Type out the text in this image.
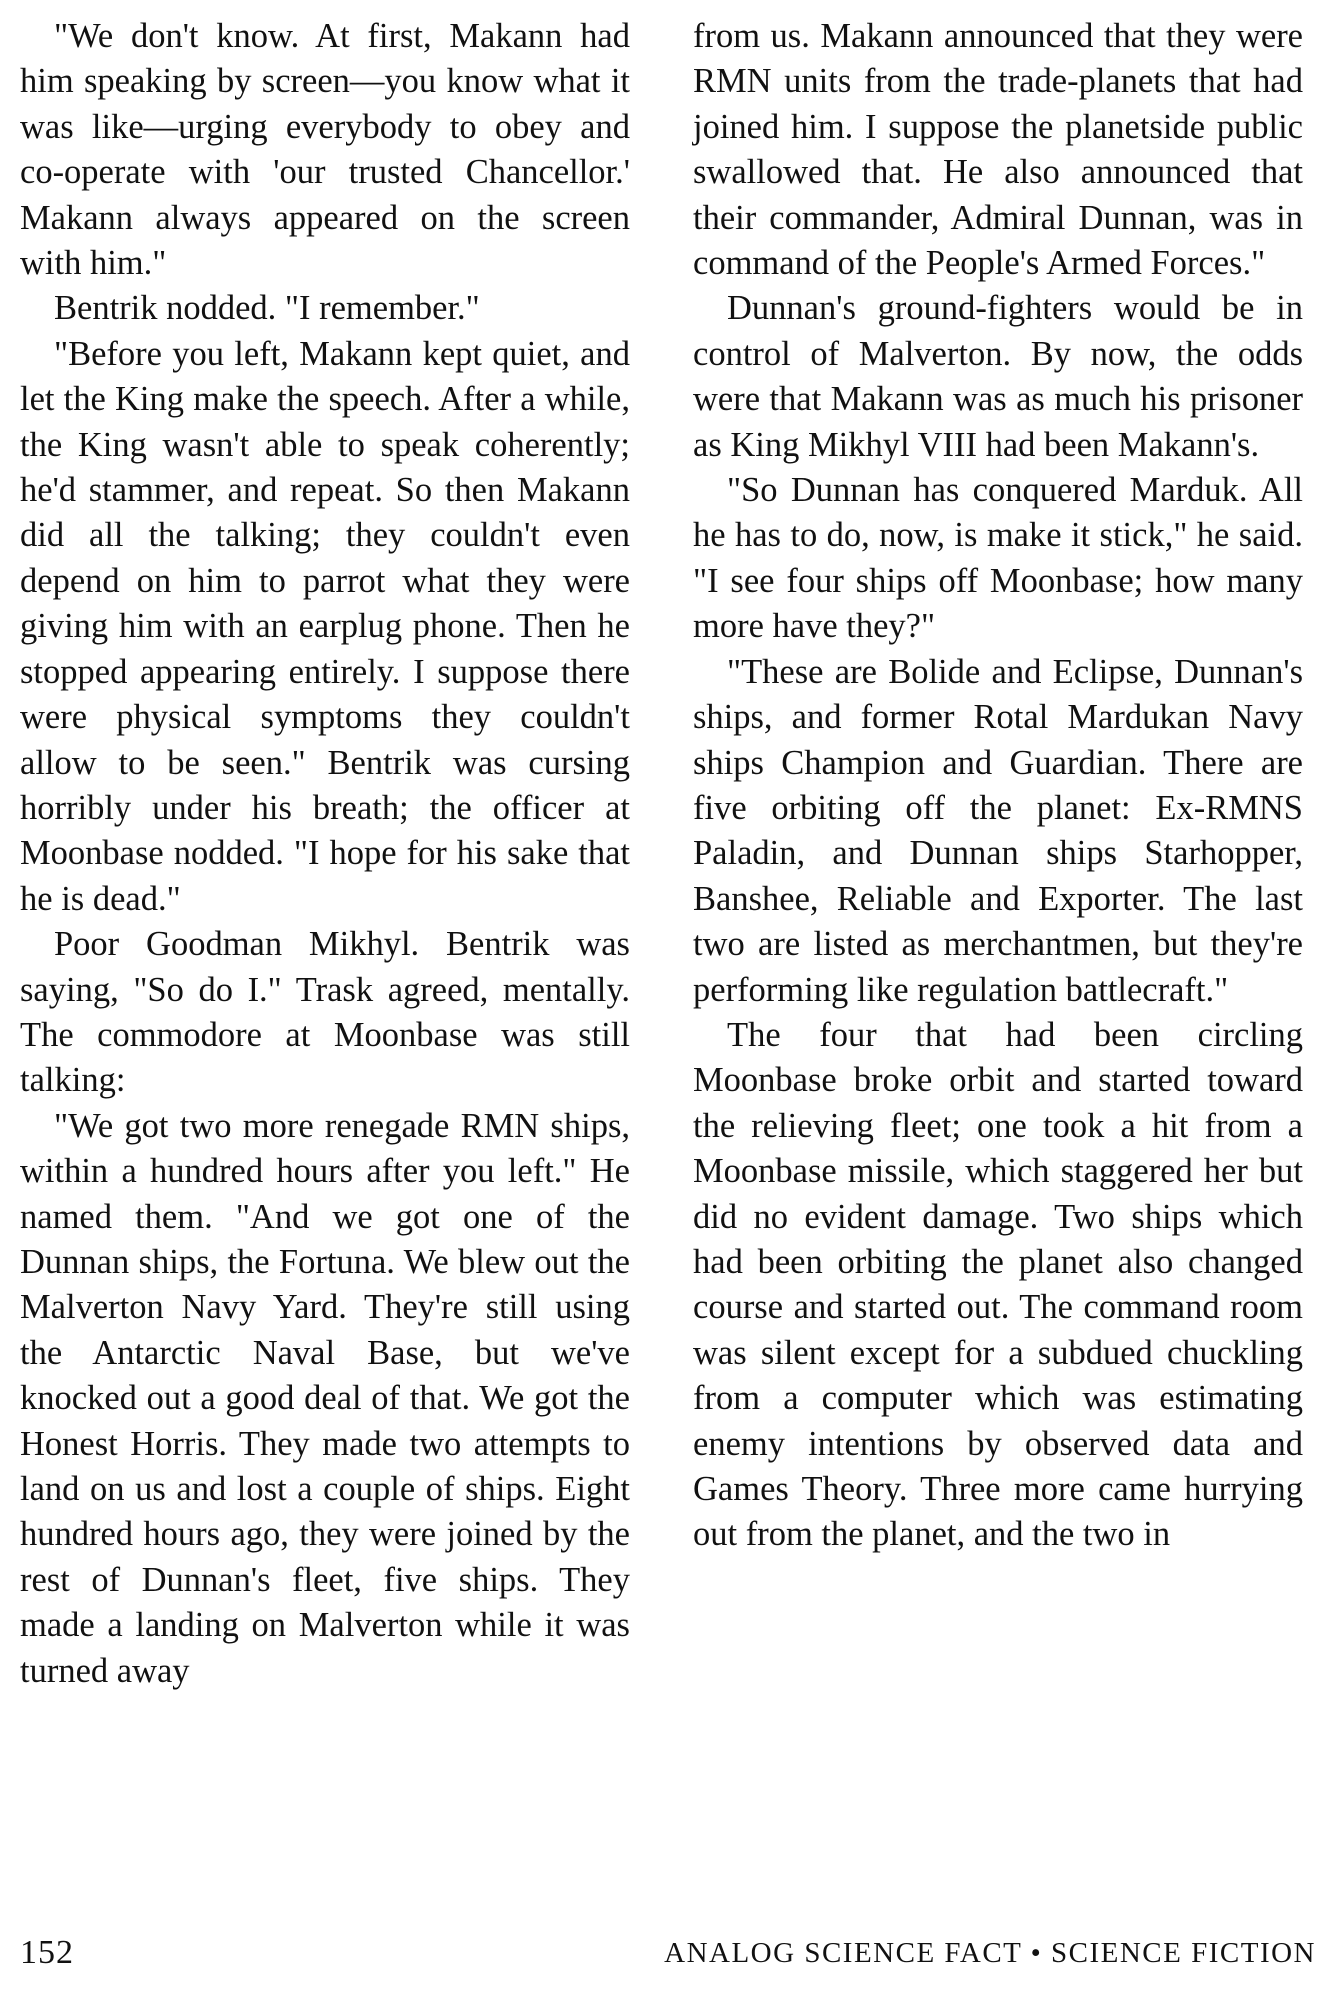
"We don't know. At first, Makann had him speaking by screen—you know what it was like—urging everybody to obey and co-operate with 'our trusted Chancellor.' Makann always appeared on the screen with him."

Bentrik nodded. "I remember."

"Before you left, Makann kept quiet, and let the King make the speech. After a while, the King wasn't able to speak coherently; he'd stammer, and repeat. So then Makann did all the talking; they couldn't even depend on him to parrot what they were giving him with an earplug phone. Then he stopped appearing entirely. I suppose there were physical symptoms they couldn't allow to be seen." Bentrik was cursing horribly under his breath; the officer at Moonbase nodded. "I hope for his sake that he is dead."

Poor Goodman Mikhyl. Bentrik was saying, "So do I." Trask agreed, mentally. The commodore at Moonbase was still talking:

"We got two more renegade RMN ships, within a hundred hours after you left." He named them. "And we got one of the Dunnan ships, the Fortuna. We blew out the Malverton Navy Yard. They're still using the Antarctic Naval Base, but we've knocked out a good deal of that. We got the Honest Horris. They made two attempts to land on us and lost a couple of ships. Eight hundred hours ago, they were joined by the rest of Dunnan's fleet, five ships. They made a landing on Malverton while it was turned away

from us. Makann announced that they were RMN units from the trade-planets that had joined him. I suppose the planetside public swallowed that. He also announced that their commander, Admiral Dunnan, was in command of the People's Armed Forces."

Dunnan's ground-fighters would be in control of Malverton. By now, the odds were that Makann was as much his prisoner as King Mikhyl VIII had been Makann's.

"So Dunnan has conquered Marduk. All he has to do, now, is make it stick," he said. "I see four ships off Moonbase; how many more have they?"

"These are Bolide and Eclipse, Dunnan's ships, and former Rotal Mardukan Navy ships Champion and Guardian. There are five orbiting off the planet: Ex-RMNS Paladin, and Dunnan ships Starhopper, Banshee, Reliable and Exporter. The last two are listed as merchantmen, but they're performing like regulation battlecraft."

The four that had been circling Moonbase broke orbit and started toward the relieving fleet; one took a hit from a Moonbase missile, which staggered her but did no evident damage. Two ships which had been orbiting the planet also changed course and started out. The command room was silent except for a subdued chuckling from a computer which was estimating enemy intentions by observed data and Games Theory. Three more came hurrying out from the planet, and the two in

152	ANALOG SCIENCE FACT • SCIENCE FICTION
